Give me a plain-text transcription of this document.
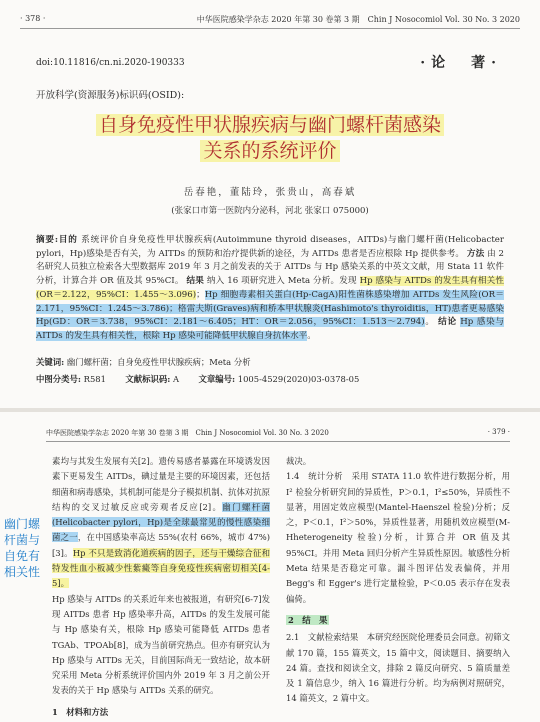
· 378 ·	中华医院感染学杂志 2020 年第 30 卷第 3 期　Chin J Nosocomiol Vol. 30 No. 3 2020
doi:10.11816/cn.ni.2020-190333	·论　著·
开放科学(资源服务)标识码(OSID):
自身免疫性甲状腺疾病与幽门螺杆菌感染
关系的系统评价
岳春艳，董陆玲，张贵山，高春斌
(张家口市第一医院内分泌科，河北 张家口 075000)
摘要:目的 系统评价自身免疫性甲状腺疾病(Autoimmune thyroid diseases，AITDs)与幽门螺杆菌(Helicobacter pylori，Hp)感染是否有关，为 AITDs 的预防和治疗提供新的途径，为 AITDs 患者是否应根除 Hp 提供参考。 方法 由 2 名研究人员独立检索各大型数据库 2019 年 3 月之前发表的关于 AITDs 与 Hp 感染关系的中英文文献，用 Stata 11 软件分析，计算合并 OR 值及其 95%CI。 结果 纳入 16 项研究进入 Meta 分析。发现 Hp 感染与 AITDs 的发生具有相关性(OR＝2.122，95%CI：1.455～3.096)；Hp 细胞毒素相关蛋白(Hp-CagA)阳性菌株感染增加 AITDs 发生风险(OR＝2.171，95%CI：1.245～3.786)；格雷夫斯(Graves)病和桥本甲状腺炎(Hashimoto's thyroiditis，HT)患者更易感染 Hp(GD：OR＝3.738，95%CI：2.181～6.405；HT：OR＝2.056，95%CI：1.513～2.794)。 结论 Hp 感染与 AITDs 的发生具有相关性，根除 Hp 感染可能降低甲状腺自身抗体水平。
关键词: 幽门螺杆菌；自身免疫性甲状腺疾病；Meta 分析
中图分类号: R581　　 文献标识码: A　　 文章编号: 1005-4529(2020)03-0378-05
中华医院感染学杂志 2020 年第 30 卷第 3 期　Chin J Nosocomiol Vol. 30 No. 3 2020	· 379 ·
幽门螺杆菌与自免有相关性

素均与其发生发展有关[2]。遗传易感者暴露在环境诱发因素下更易发生 AITDs，碘过量是主要的环境因素，还包括细菌和病毒感染，其机制可能是分子模拟机制、抗体对抗原结构的交叉过敏反应或旁观者反应[2]。幽门螺杆菌(Helicobacter pylori，Hp)是全球最常见的慢性感染细菌之一，在中国感染率高达 55%(农村 66%，城市 47%)[3]。Hp 不只是致消化道疾病的因子，还与干燥综合征和特发性血小板减少性紫癜等自身免疫性疾病密切相关[4-5]。

Hp 感染与 AITDs 的关系近年来也被报道，有研究[6-7]发现 AITDs 患者 Hp 感染率升高，AITDs 的发生发展可能与 Hp 感染有关，根除 Hp 感染可能降低 AITDs 患者 TGAb、TPOAb[8]，成为当前研究热点。但亦有研究认为 Hp 感染与 AITDs 无关，目前国际尚无一致结论，故本研究采用 Meta 分析系统评价国内外 2019 年 3 月之前公开发表的关于 Hp 感染与 AITDs 关系的研究。

1　材料和方法

裁决。

1.4　统计分析　采用 STATA 11.0 软件进行数据分析，用 I² 检验分析研究间的异质性，P＞0.1，I²≤50%，异质性不显著，用固定效应模型(Mantel-Haenszel 检验)分析；反之，P＜0.1，I²＞50%，异质性显著，用随机效应模型(M-Hheterogeneity 检验)分析，计算合并 OR 值及其 95%CI。并用 Meta 回归分析产生异质性原因。敏感性分析 Meta 结果是否稳定可靠。漏斗图评估发表偏倚，并用 Begg's 和 Egger's 进行定量检验，P＜0.05 表示存在发表偏倚。

2　结　果

2.1　文献检索结果　本研究经医院伦理委员会同意。初筛文献 170 篇，155 篇英文，15 篇中文，阅读题目、摘要纳入 24 篇。查找和阅读全文，排除 2 篇反向研究、5 篇质量差及 1 篇信息少，纳入 16 篇进行分析。均为病例对照研究，14 篇英文，2 篇中文。
